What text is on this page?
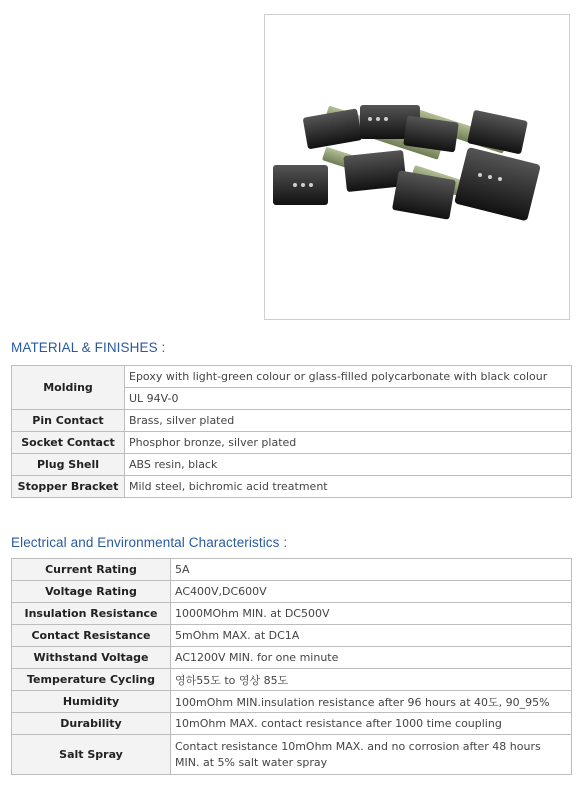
MATERIAL & FINISHES :
Molding	Epoxy with light-green colour or glass-filled polycarbonate with black colour
	UL 94V-0
Pin Contact	Brass, silver plated
Socket Contact	Phosphor bronze, silver plated
Plug Shell	ABS resin, black
Stopper Bracket	Mild steel, bichromic acid treatment
Electrical and Environmental Characteristics :
Current Rating	5A
Voltage Rating	AC400V,DC600V
Insulation Resistance	1000MOhm MIN. at DC500V
Contact Resistance	5mOhm MAX. at DC1A
Withstand Voltage	AC1200V MIN. for one minute
Temperature Cycling	영하55도 to 영상 85도
Humidity	100mOhm MIN.insulation resistance after 96 hours at 40도, 90_95%
Durability	10mOhm MAX. contact resistance after 1000 time coupling
Salt Spray	Contact resistance 10mOhm MAX. and no corrosion after 48 hours MIN. at 5% salt water spray
